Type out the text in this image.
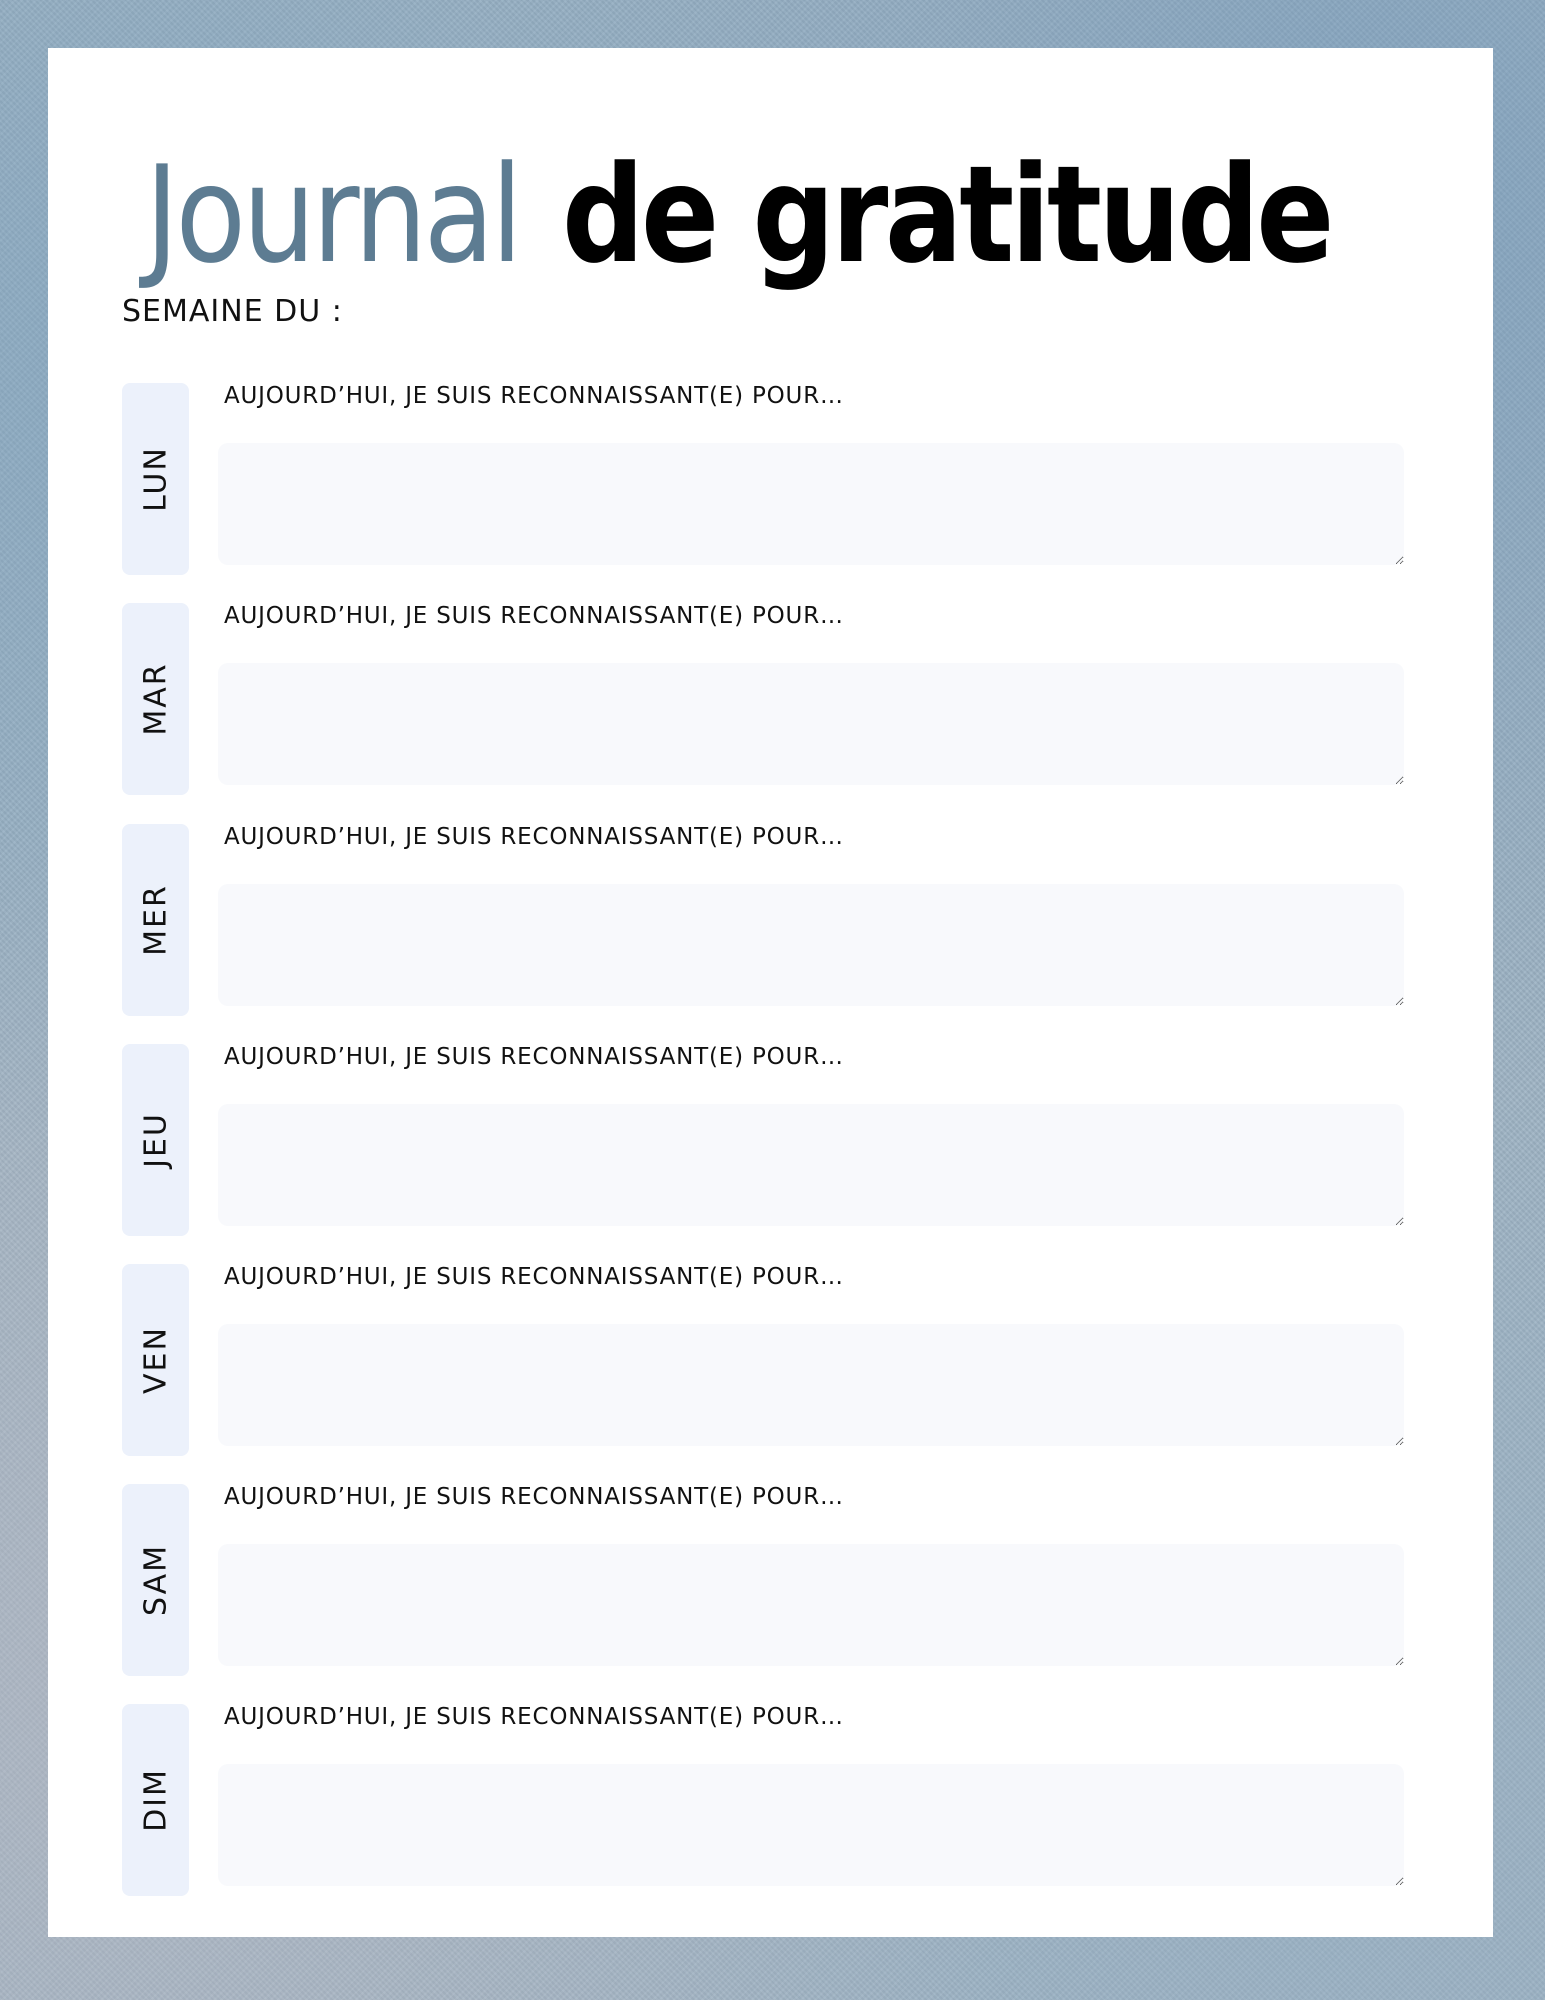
Journal de gratitude
SEMAINE DU :
LUN
AUJOURD’HUI, JE SUIS RECONNAISSANT(E) POUR…
MAR
AUJOURD’HUI, JE SUIS RECONNAISSANT(E) POUR…
MER
AUJOURD’HUI, JE SUIS RECONNAISSANT(E) POUR…
JEU
AUJOURD’HUI, JE SUIS RECONNAISSANT(E) POUR…
VEN
AUJOURD’HUI, JE SUIS RECONNAISSANT(E) POUR…
SAM
AUJOURD’HUI, JE SUIS RECONNAISSANT(E) POUR…
DIM
AUJOURD’HUI, JE SUIS RECONNAISSANT(E) POUR…
